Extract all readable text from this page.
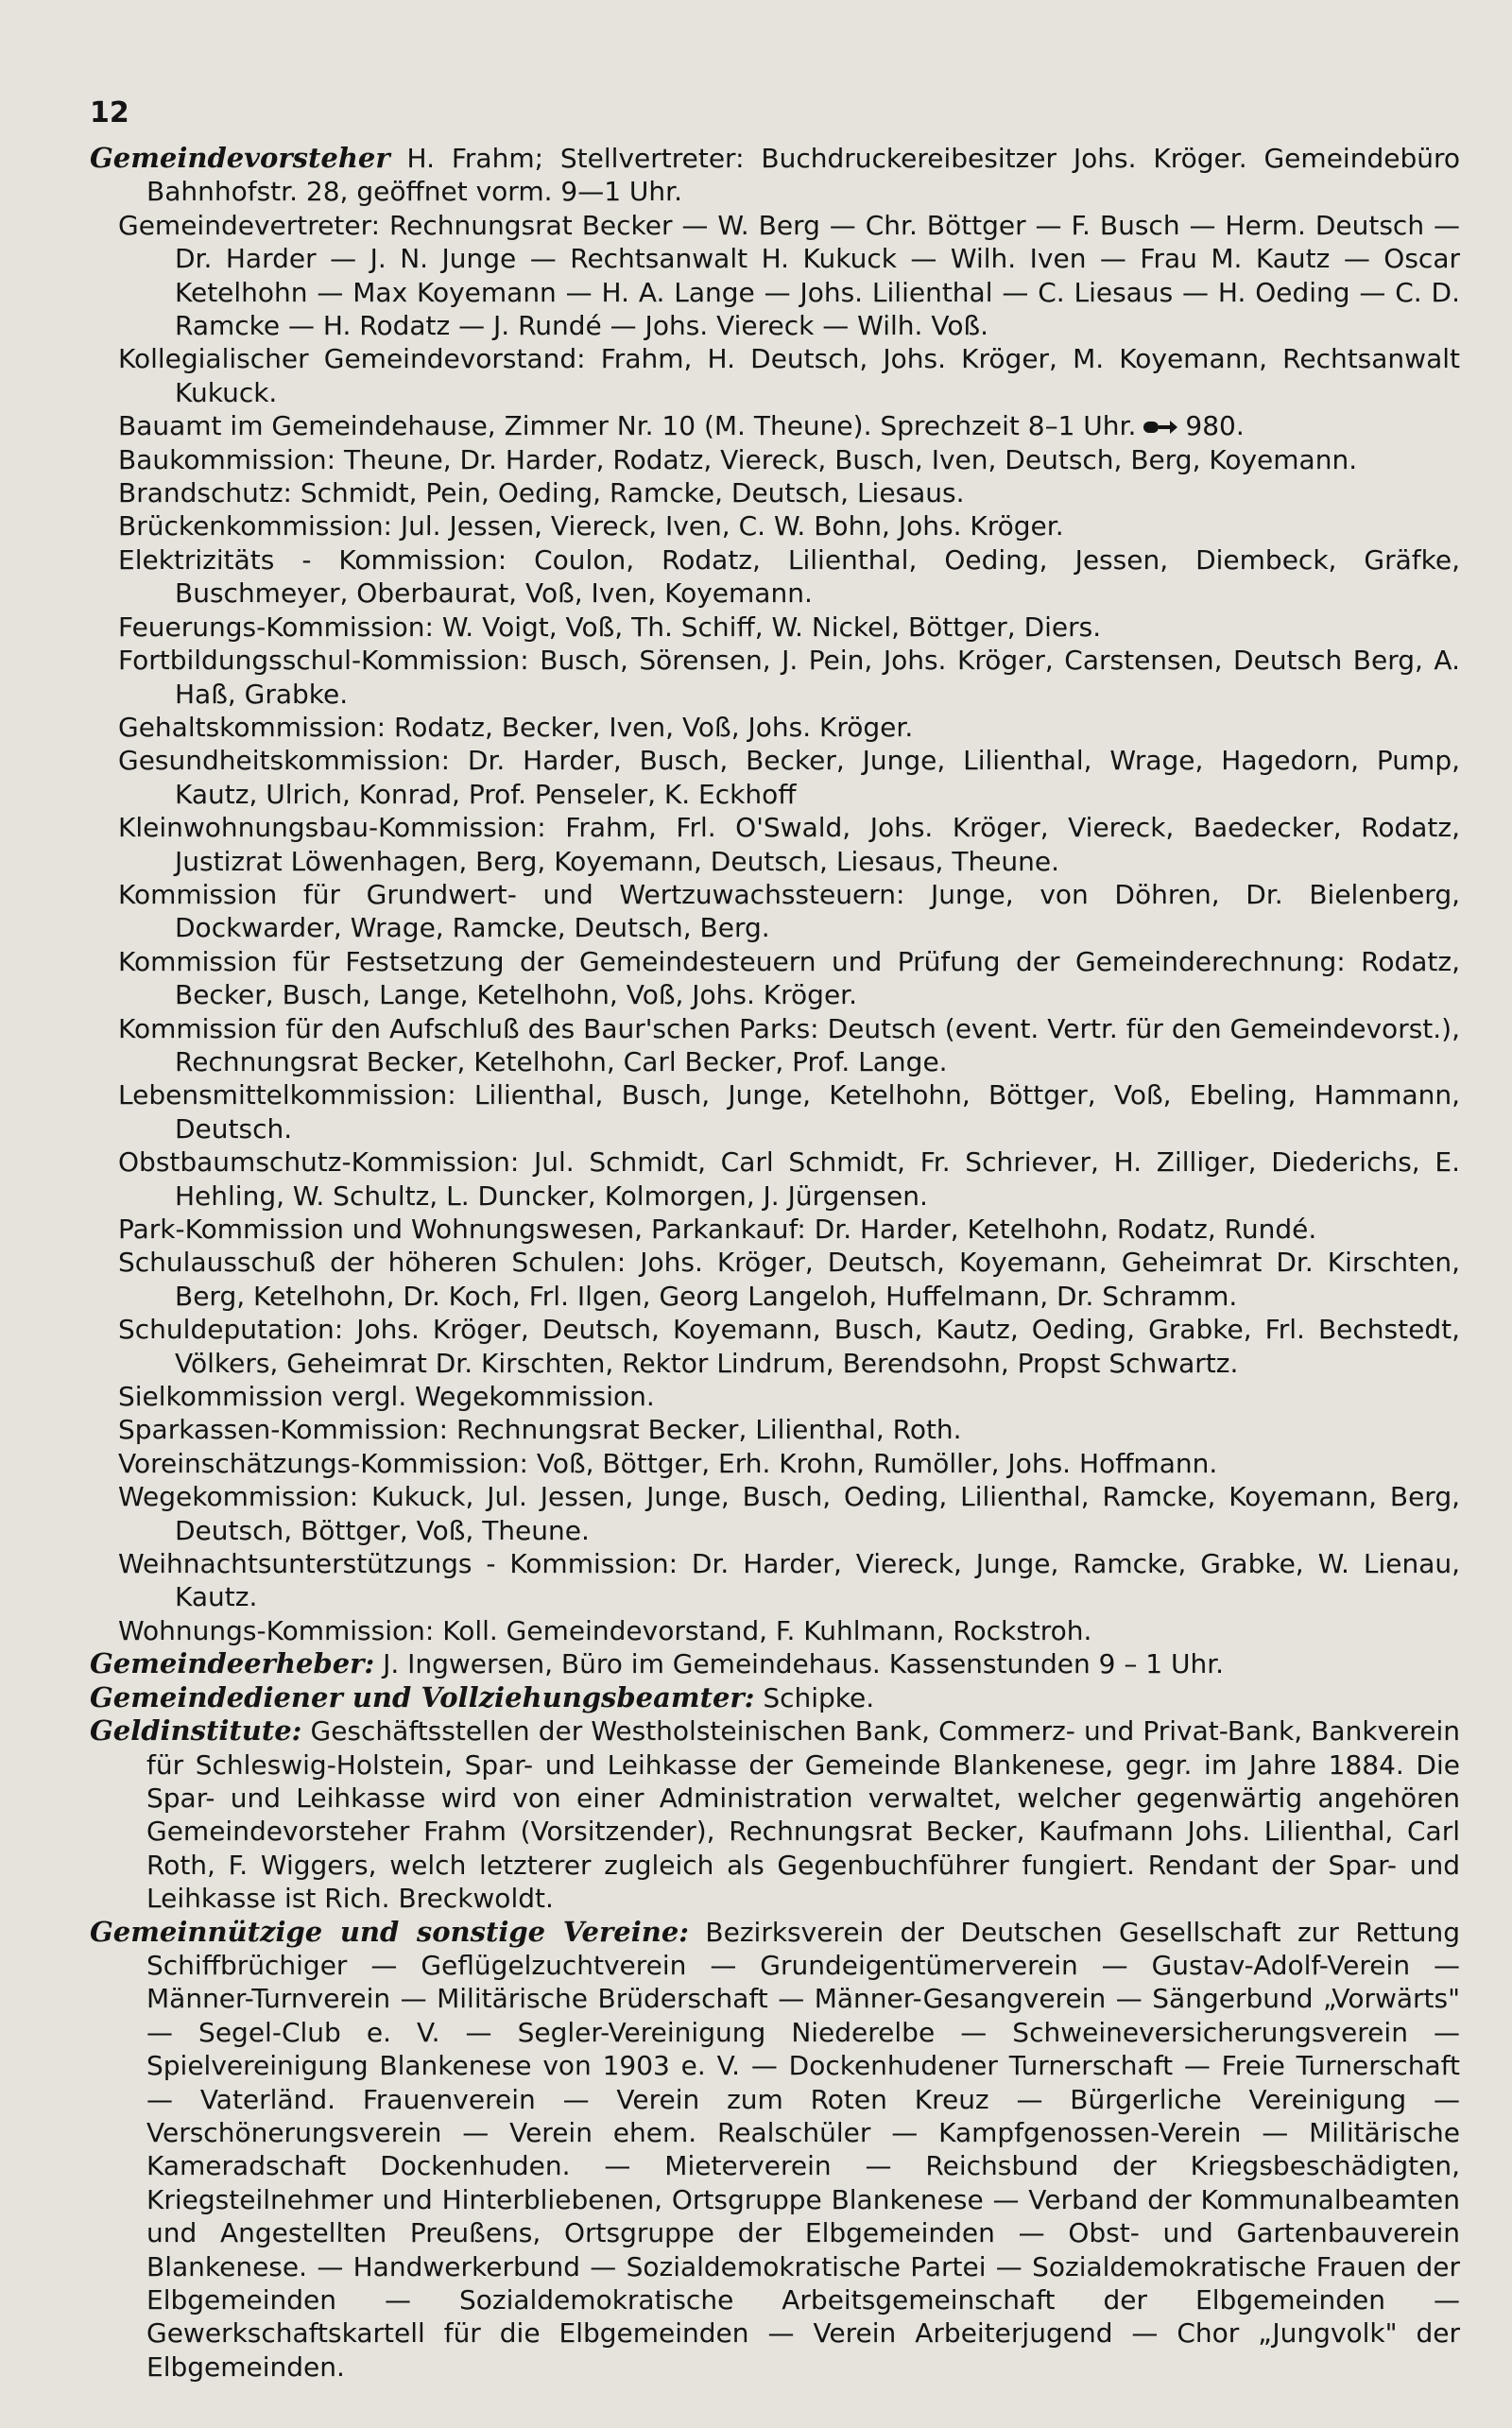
12

Gemeindevorsteher H. Frahm; Stellvertreter: Buchdruckereibesitzer Johs. Kröger. Gemeindebüro Bahnhofstr. 28, geöffnet vorm. 9—1 Uhr.

Gemeindevertreter: Rechnungsrat Becker — W. Berg — Chr. Böttger — F. Busch — Herm. Deutsch — Dr. Harder — J. N. Junge — Rechtsanwalt H. Kukuck — Wilh. Iven — Frau M. Kautz — Oscar Ketelhohn — Max Koyemann — H. A. Lange — Johs. Lilienthal — C. Liesaus — H. Oeding — C. D. Ramcke — H. Rodatz — J. Rundé — Johs. Viereck — Wilh. Voß.

Kollegialischer Gemeindevorstand: Frahm, H. Deutsch, Johs. Kröger, M. Koyemann, Rechtsanwalt Kukuck.

Bauamt im Gemeindehause, Zimmer Nr. 10 (M. Theune). Sprechzeit 8–1 Uhr. 980.

Baukommission: Theune, Dr. Harder, Rodatz, Viereck, Busch, Iven, Deutsch, Berg, Koyemann.

Brandschutz: Schmidt, Pein, Oeding, Ramcke, Deutsch, Liesaus.

Brückenkommission: Jul. Jessen, Viereck, Iven, C. W. Bohn, Johs. Kröger.

Elektrizitäts - Kommission: Coulon, Rodatz, Lilienthal, Oeding, Jessen, Diembeck, Gräfke, Buschmeyer, Oberbaurat, Voß, Iven, Koyemann.

Feuerungs-Kommission: W. Voigt, Voß, Th. Schiff, W. Nickel, Böttger, Diers.

Fortbildungsschul-Kommission: Busch, Sörensen, J. Pein, Johs. Kröger, Carstensen, Deutsch Berg, A. Haß, Grabke.

Gehaltskommission: Rodatz, Becker, Iven, Voß, Johs. Kröger.

Gesundheitskommission: Dr. Harder, Busch, Becker, Junge, Lilienthal, Wrage, Hagedorn, Pump, Kautz, Ulrich, Konrad, Prof. Penseler, K. Eckhoff

Kleinwohnungsbau-Kommission: Frahm, Frl. O'Swald, Johs. Kröger, Viereck, Baedecker, Rodatz, Justizrat Löwenhagen, Berg, Koyemann, Deutsch, Liesaus, Theune.

Kommission für Grundwert- und Wertzuwachssteuern: Junge, von Döhren, Dr. Bielenberg, Dockwarder, Wrage, Ramcke, Deutsch, Berg.

Kommission für Festsetzung der Gemeindesteuern und Prüfung der Gemeinderechnung: Rodatz, Becker, Busch, Lange, Ketelhohn, Voß, Johs. Kröger.

Kommission für den Aufschluß des Baur'schen Parks: Deutsch (event. Vertr. für den Gemeindevorst.), Rechnungsrat Becker, Ketelhohn, Carl Becker, Prof. Lange.

Lebensmittelkommission: Lilienthal, Busch, Junge, Ketelhohn, Böttger, Voß, Ebeling, Hammann, Deutsch.

Obstbaumschutz-Kommission: Jul. Schmidt, Carl Schmidt, Fr. Schriever, H. Zilliger, Diederichs, E. Hehling, W. Schultz, L. Duncker, Kolmorgen, J. Jürgensen.

Park-Kommission und Wohnungswesen, Parkankauf: Dr. Harder, Ketelhohn, Rodatz, Rundé.

Schulausschuß der höheren Schulen: Johs. Kröger, Deutsch, Koyemann, Geheimrat Dr. Kirschten, Berg, Ketelhohn, Dr. Koch, Frl. Ilgen, Georg Langeloh, Huffelmann, Dr. Schramm.

Schuldeputation: Johs. Kröger, Deutsch, Koyemann, Busch, Kautz, Oeding, Grabke, Frl. Bechstedt, Völkers, Geheimrat Dr. Kirschten, Rektor Lindrum, Berendsohn, Propst Schwartz.

Sielkommission vergl. Wegekommission.

Sparkassen-Kommission: Rechnungsrat Becker, Lilienthal, Roth.

Voreinschätzungs-Kommission: Voß, Böttger, Erh. Krohn, Rumöller, Johs. Hoffmann.

Wegekommission: Kukuck, Jul. Jessen, Junge, Busch, Oeding, Lilienthal, Ramcke, Koyemann, Berg, Deutsch, Böttger, Voß, Theune.

Weihnachtsunterstützungs - Kommission: Dr. Harder, Viereck, Junge, Ramcke, Grabke, W. Lienau, Kautz.

Wohnungs-Kommission: Koll. Gemeindevorstand, F. Kuhlmann, Rockstroh.

Gemeindeerheber: J. Ingwersen, Büro im Gemeindehaus. Kassenstunden 9 – 1 Uhr.

Gemeindediener und Vollziehungsbeamter: Schipke.

Geldinstitute: Geschäftsstellen der Westholsteinischen Bank, Commerz- und Privat-Bank, Bankverein für Schleswig-Holstein, Spar- und Leihkasse der Gemeinde Blankenese, gegr. im Jahre 1884. Die Spar- und Leihkasse wird von einer Administration verwaltet, welcher gegenwärtig angehören Gemeindevorsteher Frahm (Vorsitzender), Rechnungsrat Becker, Kaufmann Johs. Lilienthal, Carl Roth, F. Wiggers, welch letzterer zugleich als Gegenbuchführer fungiert. Rendant der Spar- und Leihkasse ist Rich. Breckwoldt.

Gemeinnützige und sonstige Vereine: Bezirksverein der Deutschen Gesellschaft zur Rettung Schiffbrüchiger — Geflügelzuchtverein — Grundeigentümerverein — Gustav-Adolf-Verein — Männer-Turnverein — Militärische Brüderschaft — Männer-Gesangverein — Sängerbund „Vorwärts" — Segel-Club e. V. — Segler-Vereinigung Niederelbe — Schweineversicherungsverein — Spielvereinigung Blankenese von 1903 e. V. — Dockenhudener Turnerschaft — Freie Turnerschaft — Vaterländ. Frauenverein — Verein zum Roten Kreuz — Bürgerliche Vereinigung — Verschönerungsverein — Verein ehem. Realschüler — Kampfgenossen-Verein — Militärische Kameradschaft Dockenhuden. — Mieterverein — Reichsbund der Kriegsbeschädigten, Kriegsteilnehmer und Hinterbliebenen, Ortsgruppe Blankenese — Verband der Kommunalbeamten und Angestellten Preußens, Ortsgruppe der Elbgemeinden — Obst- und Gartenbauverein Blankenese. — Handwerkerbund — Sozialdemokratische Partei — Sozialdemokratische Frauen der Elbgemeinden — Sozialdemokratische Arbeitsgemeinschaft der Elbgemeinden — Gewerkschaftskartell für die Elbgemeinden — Verein Arbeiterjugend — Chor „Jungvolk" der Elbgemeinden.
